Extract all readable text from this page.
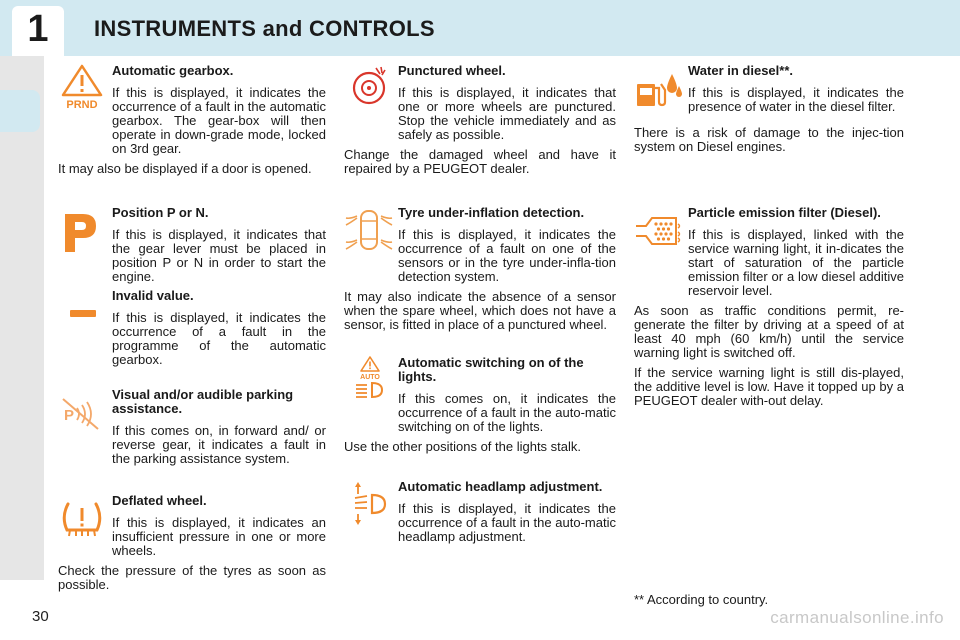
1	INSTRUMENTS and CONTROLS
PRND
Automatic gearbox.

If this is displayed, it indicates the occurrence of a fault in the automatic gearbox. The gear-box will then operate in down-grade mode, locked on 3rd gear.

It may also be displayed if a door is opened.

Position P or N.

If this is displayed, it indicates that the gear lever must be placed in position P or N in order to start the engine.

Invalid value.

If this is displayed, it indicates the occurrence of a fault in the programme of the automatic gearbox.

P
Visual and/or audible parking assistance.

If this comes on, in forward and/ or reverse gear, it indicates a fault in the parking assistance system.

Deflated wheel.

If this is displayed, it indicates an insufficient pressure in one or more wheels.

Check the pressure of the tyres as soon as possible.

Punctured wheel.

If this is displayed, it indicates that one or more wheels are punctured. Stop the vehicle immediately and as safely as possible.

Change the damaged wheel and have it repaired by a PEUGEOT dealer.

Tyre under-inflation detection.

If this is displayed, it indicates the occurrence of a fault on one of the sensors or in the tyre under-infla-tion detection system.

It may also indicate the absence of a sensor when the spare wheel, which does not have a sensor, is fitted in place of a punctured wheel.

AUTO
Automatic switching on of the lights.

If this comes on, it indicates the occurrence of a fault in the auto-matic switching on of the lights.

Use the other positions of the lights stalk.

Automatic headlamp adjustment.

If this is displayed, it indicates the occurrence of a fault in the auto-matic headlamp adjustment.

Water in diesel**.

If this is displayed, it indicates the presence of water in the diesel filter.

There is a risk of damage to the injec-tion system on Diesel engines.

Particle emission filter (Diesel).

If this is displayed, linked with the service warning light, it in-dicates the start of saturation of the particle emission filter or a low diesel additive reservoir level.

As soon as traffic conditions permit, re-generate the filter by driving at a speed of at least 40 mph (60 km/h) until the service warning light is switched off.

If the service warning light is still dis-played, the additive level is low. Have it topped up by a PEUGEOT dealer with-out delay.

** According to country.
30	carmanualsonline.info
